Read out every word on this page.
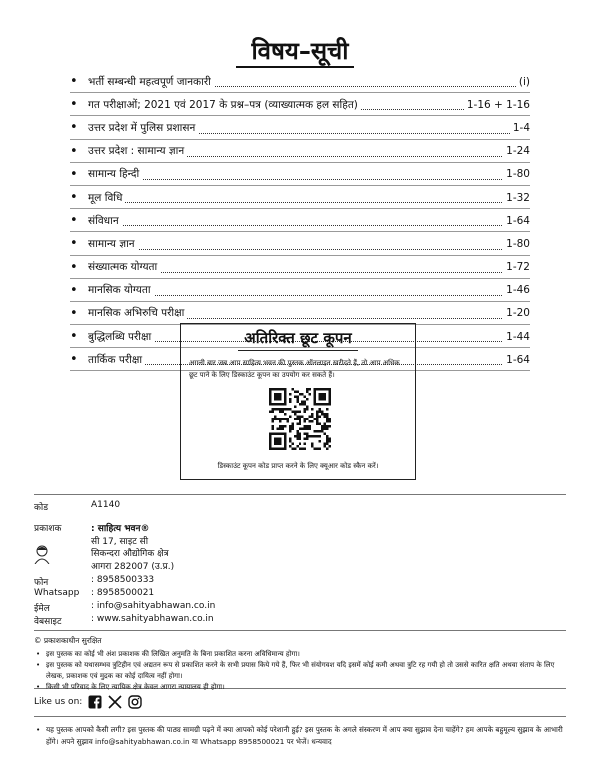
विषय–सूची
• भर्ती सम्बन्धी महत्वपूर्ण जानकारी	(i)
• गत परीक्षाओं; 2021 एवं 2017 के प्रश्न–पत्र (व्याख्यात्मक हल सहित)	1-16 + 1-16
• उत्तर प्रदेश में पुलिस प्रशासन	1-4
• उत्तर प्रदेश : सामान्य ज्ञान	1-24
• सामान्य हिन्दी	1-80
• मूल विधि	1-32
• संविधान	1-64
• सामान्य ज्ञान	1-80
• संख्यात्मक योग्यता	1-72
• मानसिक योग्यता	1-46
• मानसिक अभिरुचि परीक्षा	1-20
• बुद्धिलब्धि परीक्षा	1-44
• तार्किक परीक्षा	1-64
अतिरिक्त छूट कूपन
अगली बार जब आप साहित्य भवन की पुस्तक ऑनलाइन खरीदते हैं, तो आप अधिक छूट पाने के लिए डिस्काउंट कूपन का उपयोग कर सकते हैं।
डिस्काउंट कूपन कोड प्राप्त करने के लिए क्यूआर कोड स्कैन करें।
कोड	A1140
प्रकाशक	: साहित्य भवन®
सी 17, साइट सी
सिकन्दरा औद्योगिक क्षेत्र
आगरा 282007 (उ.प्र.)
फोन	: 8958500333
Whatsapp : 8958500021
ईमेल	: info@sahityabhawan.co.in
वेबसाइट	: www.sahityabhawan.co.in
© प्रकाशकाधीन सुरक्षित
• इस पुस्तक का कोई भी अंश प्रकाशक की लिखित अनुमति के बिना प्रकाशित करना अविधिमान्य होगा।
• इस पुस्तक को यथासम्भव त्रुटिहीन एवं अद्यतन रूप से प्रकाशित करने के सभी प्रयास किये गये हैं, फिर भी संयोगवश यदि इसमें कोई कमी अथवा त्रुटि रह गयी हो तो उससे कारित क्षति अथवा संताप के लिए लेखक, प्रकाशक एवं मुद्रक का कोई दायित्व नहीं होगा।
• किसी भी परिवाद के लिए न्यायिक क्षेत्र केवल आगरा न्यायालय ही होगा।
Like us on:
• यह पुस्तक आपको कैसी लगी? इस पुस्तक की पाठ्य सामग्री पढ़ने में क्या आपको कोई परेशानी हुई? इस पुस्तक के अगले संस्करण में आप क्या सुझाव देना चाहेंगे? हम आपके बहुमूल्य सुझाव के आभारी होंगे। अपने सुझाव info@sahityabhawan.co.in या Whatsapp 8958500021 पर भेजें। धन्यवाद
